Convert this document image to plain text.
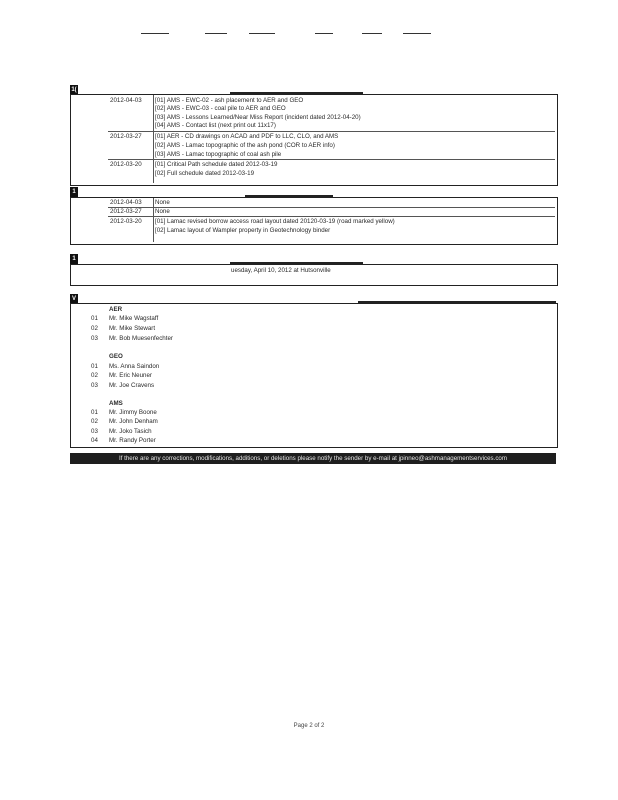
1(
2012-04-03	[01] AMS - EWC-02 - ash placement to AER and GEO
[02] AMS - EWC-03 - coal pile to AER and GEO
[03] AMS - Lessons Learned/Near Miss Report (incident dated 2012-04-20)
[04] AMS - Contact list (next print out 11x17)
2012-03-27	[01] AER - CD drawings on ACAD and PDF to LLC, CLO, and AMS
[02] AMS - Lamac topographic of the ash pond (COR to AER info)
[03] AMS - Lamac topographic of coal ash pile
2012-03-20	[01] Critical Path schedule dated 2012-03-19
[02] Full schedule dated 2012-03-19
1
2012-04-03	None
2012-03-27	None
2012-03-20	[01] Lamac revised borrow access road layout dated 20120-03-19 (road marked yellow)
[02] Lamac layout of Wampler property in Geotechnology binder
1
uesday, April 10, 2012 at Hutsonville
V
AER
01 Mr. Mike Wagstaff
02 Mr. Mike Stewart
03 Mr. Bob Muesenfechter
GEO
01 Ms. Anna Saindon
02 Mr. Eric Neuner
03 Mr. Joe Cravens
AMS
01 Mr. Jimmy Boone
02 Mr. John Denham
03 Mr. Joko Tasich
04 Mr. Randy Porter
If there are any corrections, modifications, additions, or deletions please notify the sender by e-mail at jpinneo@ashmanagementservices.com
Page 2 of 2
